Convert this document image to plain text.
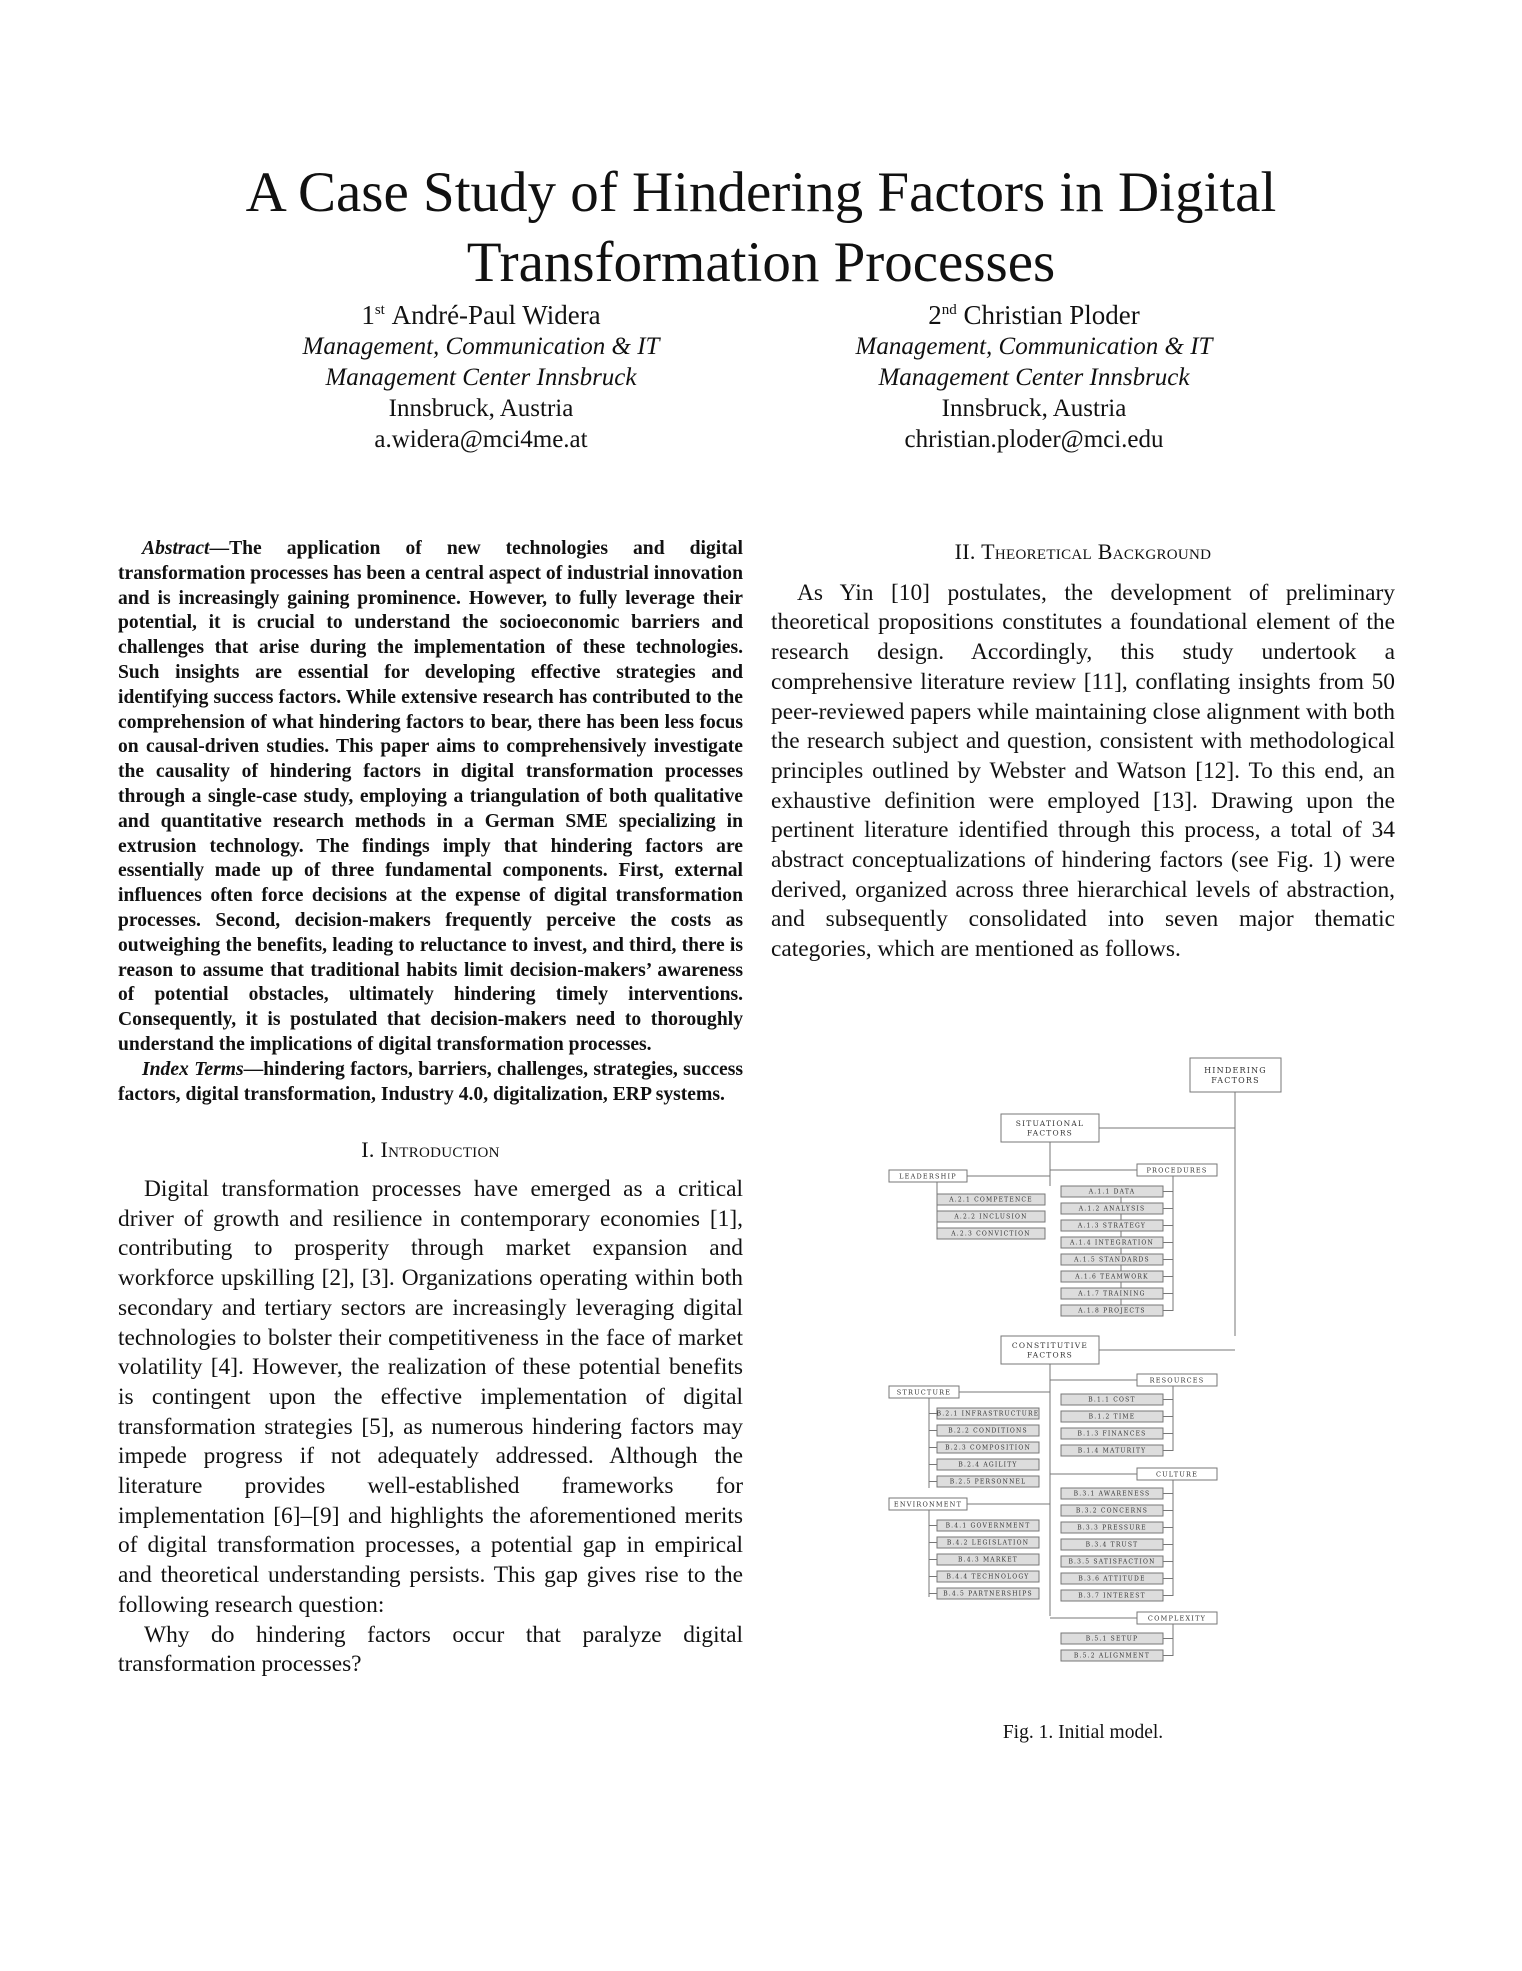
A Case Study of Hindering Factors in Digital Transformation Processes
1st André-Paul Widera
Management, Communication & IT
Management Center Innsbruck
Innsbruck, Austria
a.widera@mci4me.at
2nd Christian Ploder
Management, Communication & IT
Management Center Innsbruck
Innsbruck, Austria
christian.ploder@mci.edu

Abstract—The application of new technologies and digital transformation processes has been a central aspect of industrial innovation and is increasingly gaining prominence. However, to fully leverage their potential, it is crucial to understand the socioeconomic barriers and challenges that arise during the implementation of these technologies. Such insights are essential for developing effective strategies and identifying success factors. While extensive research has contributed to the comprehension of what hindering factors to bear, there has been less focus on causal-driven studies. This paper aims to comprehensively investigate the causality of hindering factors in digital transformation processes through a single-case study, employing a triangulation of both qualitative and quantitative research methods in a German SME specializing in extrusion technology. The findings imply that hindering factors are essentially made up of three fundamental components. First, external influences often force decisions at the expense of digital transformation processes. Second, decision-makers frequently perceive the costs as outweighing the benefits, leading to reluctance to invest, and third, there is reason to assume that traditional habits limit decision-makers’ awareness of potential obstacles, ultimately hindering timely interventions. Consequently, it is postulated that decision-makers need to thoroughly understand the implications of digital transformation processes.

Index Terms—hindering factors, barriers, challenges, strategies, success factors, digital transformation, Industry 4.0, digitalization, ERP systems.

I. Introduction

Digital transformation processes have emerged as a critical driver of growth and resilience in contemporary economies [1], contributing to prosperity through market expansion and workforce upskilling [2], [3]. Organizations operating within both secondary and tertiary sectors are increasingly leveraging digital technologies to bolster their competitiveness in the face of market volatility [4]. However, the realization of these potential benefits is contingent upon the effective implementation of digital transformation strategies [5], as numerous hindering factors may impede progress if not adequately addressed. Although the literature provides well-established frameworks for implementation [6]–[9] and highlights the aforementioned merits of digital transformation processes, a potential gap in empirical and theoretical understanding persists. This gap gives rise to the following research question:

Why do hindering factors occur that paralyze digital transformation processes?

II. Theoretical Background

As Yin [10] postulates, the development of preliminary theoretical propositions constitutes a foundational element of the research design. Accordingly, this study undertook a comprehensive literature review [11], conflating insights from 50 peer-reviewed papers while maintaining close alignment with both the research subject and question, consistent with methodological principles outlined by Webster and Watson [12]. To this end, an exhaustive definition were employed [13]. Drawing upon the pertinent literature identified through this process, a total of 34 abstract conceptualizations of hindering factors (see Fig. 1) were derived, organized across three hierarchical levels of abstraction, and subsequently consolidated into seven major thematic categories, which are mentioned as follows.

HINDERING
FACTORS
SITUATIONAL
FACTORS
CONSTITUTIVE
FACTORS
LEADERSHIP
A.2.1 COMPETENCE
A.2.2 INCLUSION
A.2.3 CONVICTION
PROCEDURES
A.1.1 DATA
A.1.2 ANALYSIS
A.1.3 STRATEGY
A.1.4 INTEGRATION
A.1.5 STANDARDS
A.1.6 TEAMWORK
A.1.7 TRAINING
A.1.8 PROJECTS
STRUCTURE
B.2.1 INFRASTRUCTURE
B.2.2 CONDITIONS
B.2.3 COMPOSITION
B.2.4 AGILITY
B.2.5 PERSONNEL
ENVIRONMENT
B.4.1 GOVERNMENT
B.4.2 LEGISLATION
B.4.3 MARKET
B.4.4 TECHNOLOGY
B.4.5 PARTNERSHIPS
RESOURCES
B.1.1 COST
B.1.2 TIME
B.1.3 FINANCES
B.1.4 MATURITY
CULTURE
B.3.1 AWARENESS
B.3.2 CONCERNS
B.3.3 PRESSURE
B.3.4 TRUST
B.3.5 SATISFACTION
B.3.6 ATTITUDE
B.3.7 INTEREST
COMPLEXITY
B.5.1 SETUP
B.5.2 ALIGNMENT
Fig. 1. Initial model.
